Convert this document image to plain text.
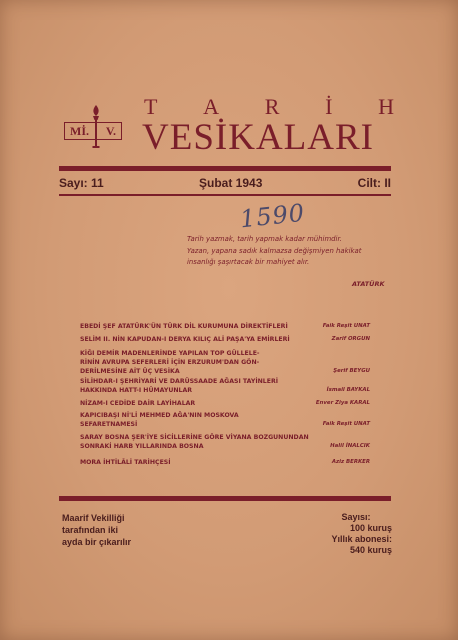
Mİ. V.
T A R İ H
VESİKALARI
Sayı: 11	Şubat 1943	Cilt: II
1590
Tarih yazmak, tarih yapmak kadar mühimdir.
Yazan, yapana sadık kalmazsa değişmiyen hakikat
insanlığı şaşırtacak bir mahiyet alır.
ATATÜRK
EBEDİ ŞEF ATATÜRK'ÜN TÜRK DİL KURUMUNA DİREKTİFLERİ	Faik Reşit UNAT
SELİM II. NİN KAPUDAN-I DERYA KILIÇ ALİ PAŞA'YA EMİRLERİ	Zarif ORGUN
KİĞI DEMİR MADENLERİNDE YAPILAN TOP GÜLLELE-
RİNİN AVRUPA SEFERLERİ İÇİN ERZURUM'DAN GÖN-
DERİLMESİNE AİT ÜÇ VESİKA	Şerif BEYGU
SİLİHDAR-I ŞEHRİYARİ VE DARÜSSAADE AĞASI TAYİNLERİ
HAKKINDA HATT-I HÜMAYUNLAR	İsmail BAYKAL
NİZAM-I CEDİDE DAİR LAYİHALAR	Enver Ziya KARAL
KAPICIBAŞI Nİ'Lİ MEHMED AĞA'NIN MOSKOVA
SEFARETNAMESİ	Faik Reşit UNAT
SARAY BOSNA ŞER'İYE SİCİLLERİNE GÖRE VİYANA BOZGUNUNDAN
SONRAKİ HARB YILLARINDA BOSNA	Halil İNALCIK
MORA İHTİLÂLİ TARİHÇESİ	Aziz BERKER
Maarif Vekilliği
tarafından iki
ayda bir çıkarılır
Sayısı:
100 kuruş
Yıllık abonesi:
540 kuruş
